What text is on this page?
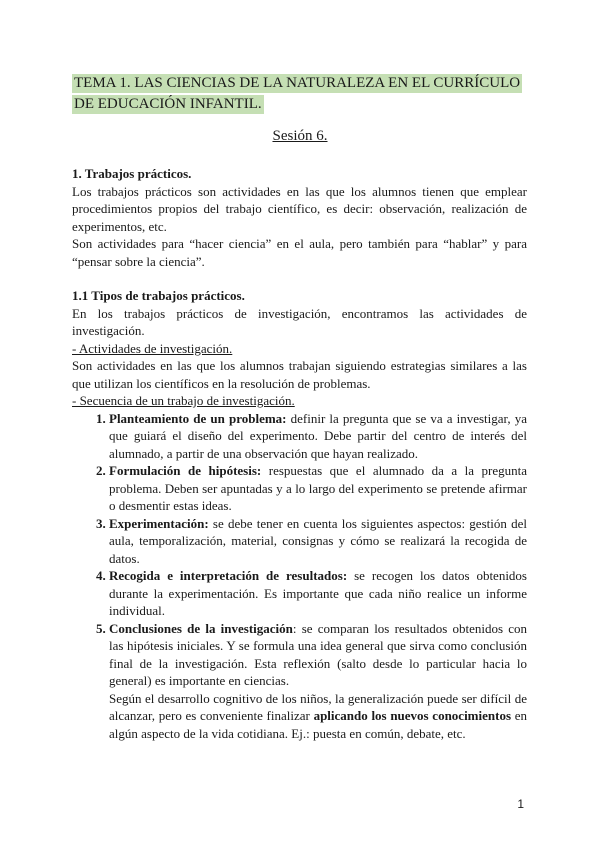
TEMA 1. LAS CIENCIAS DE LA NATURALEZA EN EL CURRÍCULO
DE EDUCACIÓN INFANTIL.
Sesión 6.

1. Trabajos prácticos.

Los trabajos prácticos son actividades en las que los alumnos tienen que emplear procedimientos propios del trabajo científico, es decir: observación, realización de experimentos, etc.

Son actividades para “hacer ciencia” en el aula, pero también para “hablar” y para “pensar sobre la ciencia”.

1.1 Tipos de trabajos prácticos.

En los trabajos prácticos de investigación, encontramos las actividades de investigación.

- Actividades de investigación.

Son actividades en las que los alumnos trabajan siguiendo estrategias similares a las que utilizan los científicos en la resolución de problemas.

- Secuencia de un trabajo de investigación.

1. Planteamiento de un problema: definir la pregunta que se va a investigar, ya que guiará el diseño del experimento. Debe partir del centro de interés del alumnado, a partir de una observación que hayan realizado.
2. Formulación de hipótesis: respuestas que el alumnado da a la pregunta problema. Deben ser apuntadas y a lo largo del experimento se pretende afirmar o desmentir estas ideas.
3. Experimentación: se debe tener en cuenta los siguientes aspectos: gestión del aula, temporalización, material, consignas y cómo se realizará la recogida de datos.
4. Recogida e interpretación de resultados: se recogen los datos obtenidos durante la experimentación. Es importante que cada niño realice un informe individual.
5. Conclusiones de la investigación: se comparan los resultados obtenidos con las hipótesis iniciales. Y se formula una idea general que sirva como conclusión final de la investigación. Esta reflexión (salto desde lo particular hacia lo general) es importante en ciencias.

Según el desarrollo cognitivo de los niños, la generalización puede ser difícil de alcanzar, pero es conveniente finalizar aplicando los nuevos conocimientos en algún aspecto de la vida cotidiana. Ej.: puesta en común, debate, etc.

1
